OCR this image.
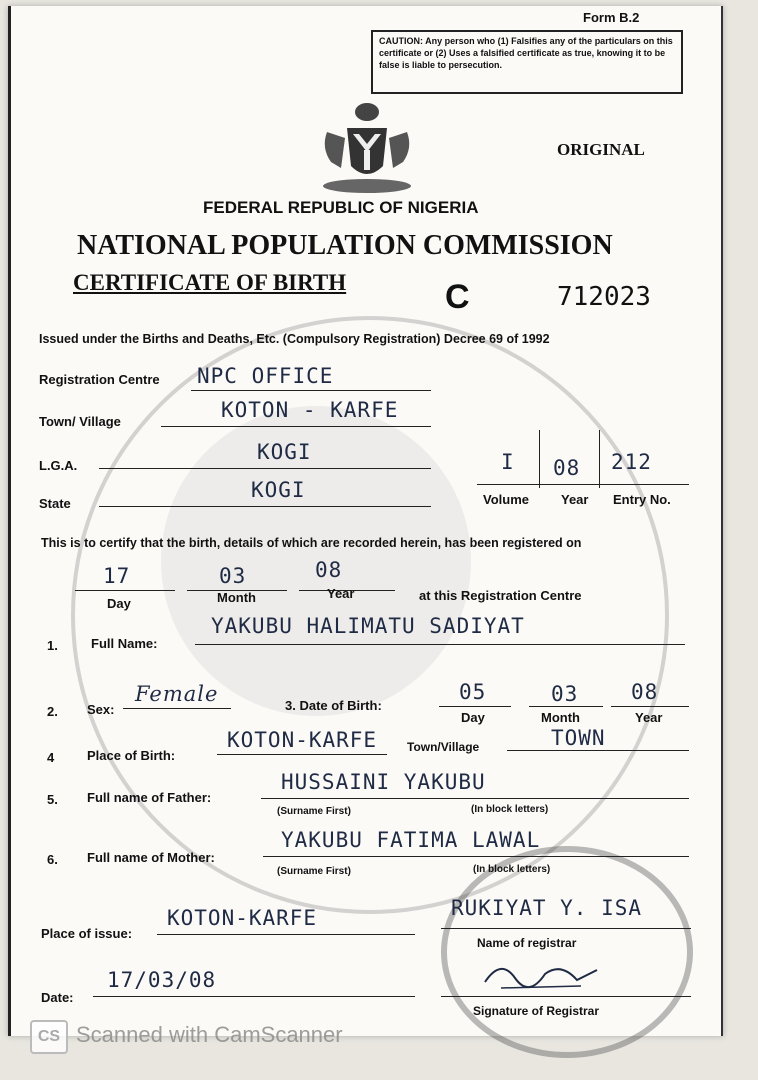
Form B.2
CAUTION: Any person who (1) Falsifies any of the particulars on this certificate or (2) Uses a falsified certificate as true, knowing it to be false is liable to persecution.
ORIGINAL
FEDERAL REPUBLIC OF NIGERIA
NATIONAL POPULATION COMMISSION
CERTIFICATE OF BIRTH	C	712023
Issued under the Births and Deaths, Etc. (Compulsory Registration) Decree 69 of 1992
Registration Centre NPC OFFICE
Town/ Village	KOTON - KARFE
L.G.A.
KOGI
State
KOGI
I 08 212
Volume Year Entry No.
This is to certify that the birth, details of which are recorded herein, has been registered on
17	03	08
Day	Month	Year	at this Registration Centre
1.	Full Name:
YAKUBU HALIMATU SADIYAT
2. Sex:
Female	3. Date of Birth:
05	03	08
Day	Month	Year
4	Place of Birth:
KOTON-KARFE Town/Village	TOWN
5. Full name of Father:
HUSSAINI YAKUBU
(Surname First)	(In block letters)
6. Full name of Mother:
YAKUBU FATIMA LAWAL
(Surname First)	(In block letters)
Place of issue:
KOTON-KARFE	RUKIYAT Y. ISA
Name of registrar
Date:
17/03/08
Signature of Registrar
CS Scanned with CamScanner
